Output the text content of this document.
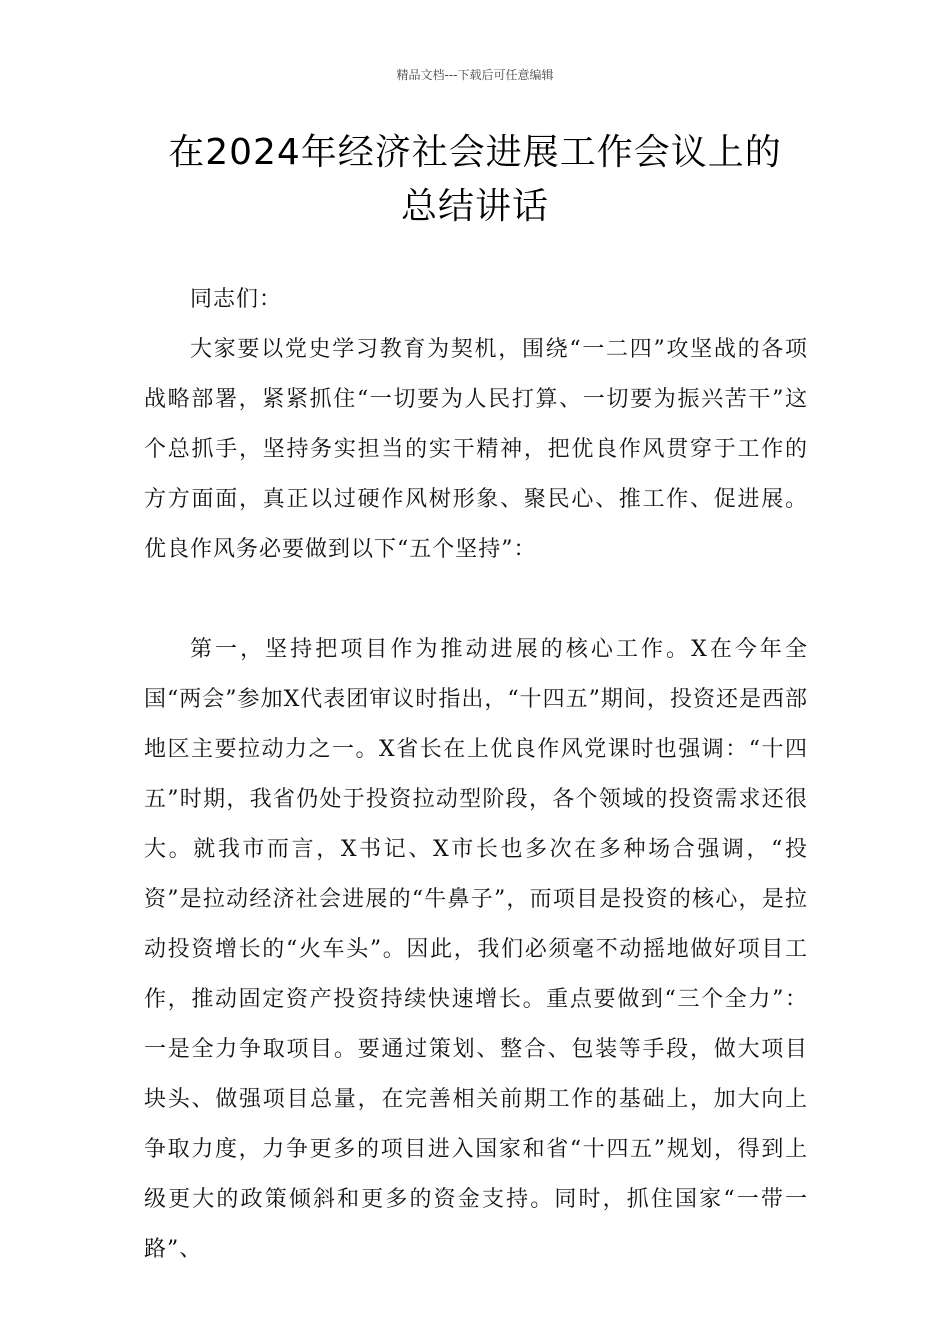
精品文档---下载后可任意编辑
在2024年经济社会进展工作会议上的
总结讲话
同志们：
大家要以党史学习教育为契机，围绕“一二四”攻坚战的各项战略部署，紧紧抓住“一切要为人民打算、一切要为振兴苦干”这个总抓手，坚持务实担当的实干精神，把优良作风贯穿于工作的方方面面，真正以过硬作风树形象、聚民心、推工作、促进展。优良作风务必要做到以下“五个坚持”：
第一，坚持把项目作为推动进展的核心工作。X在今年全国“两会”参加X代表团审议时指出，“十四五”期间，投资还是西部地区主要拉动力之一。X省长在上优良作风党课时也强调：“十四五”时期，我省仍处于投资拉动型阶段，各个领域的投资需求还很大。就我市而言，X书记、X市长也多次在多种场合强调，“投资”是拉动经济社会进展的“牛鼻子”，而项目是投资的核心，是拉动投资增长的“火车头”。因此，我们必须毫不动摇地做好项目工作，推动固定资产投资持续快速增长。重点要做到“三个全力”：一是全力争取项目。要通过策划、整合、包装等手段，做大项目块头、做强项目总量，在完善相关前期工作的基础上，加大向上争取力度，力争更多的项目进入国家和省“十四五”规划，得到上级更大的政策倾斜和更多的资金支持。同时，抓住国家“一带一路”、
